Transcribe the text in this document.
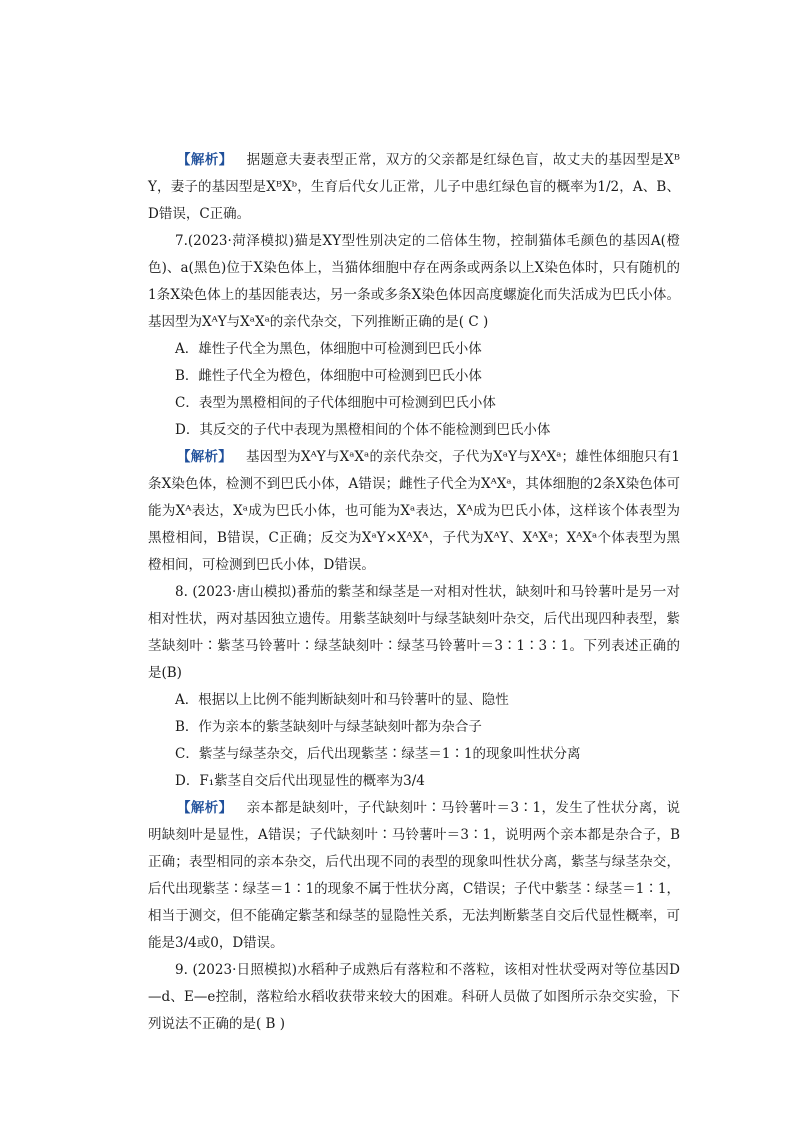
【解析】 据题意夫妻表型正常，双方的父亲都是红绿色盲，故丈夫的基因型是XᴮY，妻子的基因型是XᴮXᵇ，生育后代女儿正常，儿子中患红绿色盲的概率为1/2，A、B、D错误，C正确。

7.(2023·菏泽模拟)猫是XY型性别决定的二倍体生物，控制猫体毛颜色的基因A(橙色)、a(黑色)位于X染色体上，当猫体细胞中存在两条或两条以上X染色体时，只有随机的1条X染色体上的基因能表达，另一条或多条X染色体因高度螺旋化而失活成为巴氏小体。基因型为XᴬY与XᵃXᵃ的亲代杂交，下列推断正确的是( C )

A．雄性子代全为黑色，体细胞中可检测到巴氏小体

B．雌性子代全为橙色，体细胞中可检测到巴氏小体

C．表型为黑橙相间的子代体细胞中可检测到巴氏小体

D．其反交的子代中表现为黑橙相间的个体不能检测到巴氏小体

【解析】 基因型为XᴬY与XᵃXᵃ的亲代杂交，子代为XᵃY与XᴬXᵃ；雄性体细胞只有1条X染色体，检测不到巴氏小体，A错误；雌性子代全为XᴬXᵃ，其体细胞的2条X染色体可能为Xᴬ表达，Xᵃ成为巴氏小体，也可能为Xᵃ表达，Xᴬ成为巴氏小体，这样该个体表型为黑橙相间，B错误，C正确；反交为XᵃY×XᴬXᴬ，子代为XᴬY、XᴬXᵃ；XᴬXᵃ个体表型为黑橙相间，可检测到巴氏小体，D错误。

8. (2023·唐山模拟)番茄的紫茎和绿茎是一对相对性状，缺刻叶和马铃薯叶是另一对相对性状，两对基因独立遗传。用紫茎缺刻叶与绿茎缺刻叶杂交，后代出现四种表型，紫茎缺刻叶∶紫茎马铃薯叶∶绿茎缺刻叶∶绿茎马铃薯叶＝3∶1∶3∶1。下列表述正确的是(B)

A．根据以上比例不能判断缺刻叶和马铃薯叶的显、隐性

B．作为亲本的紫茎缺刻叶与绿茎缺刻叶都为杂合子

C．紫茎与绿茎杂交，后代出现紫茎∶绿茎＝1∶1的现象叫性状分离

D．F₁紫茎自交后代出现显性的概率为3/4

【解析】 亲本都是缺刻叶，子代缺刻叶∶马铃薯叶＝3∶1，发生了性状分离，说明缺刻叶是显性，A错误；子代缺刻叶∶马铃薯叶＝3∶1，说明两个亲本都是杂合子，B正确；表型相同的亲本杂交，后代出现不同的表型的现象叫性状分离，紫茎与绿茎杂交，后代出现紫茎∶绿茎＝1∶1的现象不属于性状分离，C错误；子代中紫茎∶绿茎＝1∶1，相当于测交，但不能确定紫茎和绿茎的显隐性关系，无法判断紫茎自交后代显性概率，可能是3/4或0，D错误。

9. (2023·日照模拟)水稻种子成熟后有落粒和不落粒，该相对性状受两对等位基因D—d、E—e控制，落粒给水稻收获带来较大的困难。科研人员做了如图所示杂交实验，下列说法不正确的是( B )
